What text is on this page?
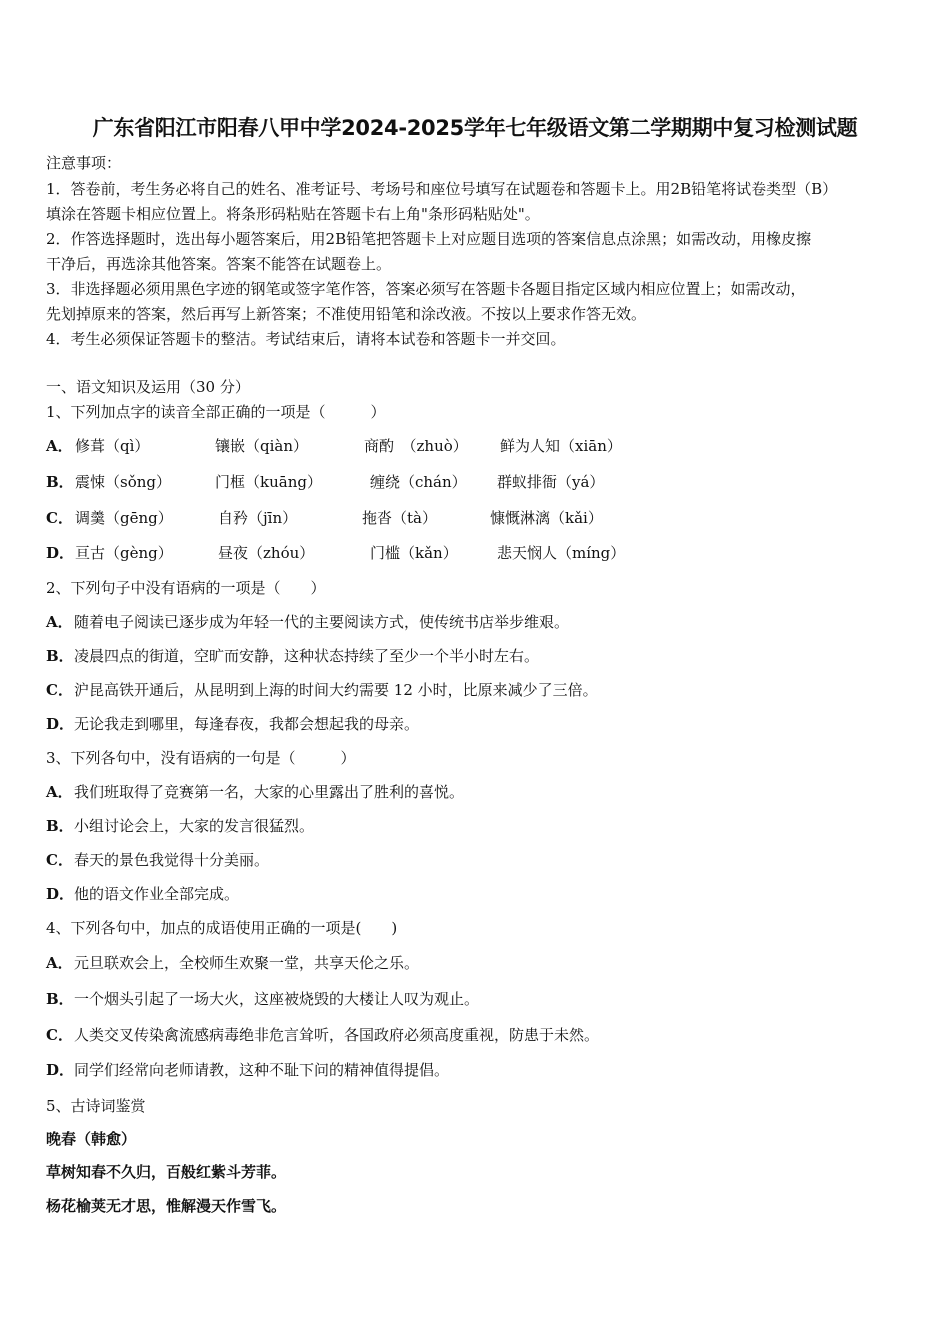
广东省阳江市阳春八甲中学2024-2025学年七年级语文第二学期期中复习检测试题
注意事项：
1．答卷前，考生务必将自己的姓名、准考证号、考场号和座位号填写在试题卷和答题卡上。用2B铅笔将试卷类型（B）
填涂在答题卡相应位置上。将条形码粘贴在答题卡右上角"条形码粘贴处"。
2．作答选择题时，选出每小题答案后，用2B铅笔把答题卡上对应题目选项的答案信息点涂黑；如需改动，用橡皮擦
干净后，再选涂其他答案。答案不能答在试题卷上。
3．非选择题必须用黑色字迹的钢笔或签字笔作答，答案必须写在答题卡各题目指定区域内相应位置上；如需改动，
先划掉原来的答案，然后再写上新答案；不准使用铅笔和涂改液。不按以上要求作答无效。
4．考生必须保证答题卡的整洁。考试结束后，请将本试卷和答题卡一并交回。
一、语文知识及运用（30 分）
1、下列加点字的读音全部正确的一项是（　　　）
A． 修葺（qì）	镶嵌（qiàn）	商酌　（zhuò） 鲜为人知（xiān）
B． 震悚（sǒng）	门框（kuāng）	缠绕（chán） 群蚁排衙（yá）
C． 调羹（gēng）	自矜（jīn）	拖沓（tà）	慷慨淋漓（kǎi）
D． 亘古（gèng）	昼夜（zhóu）	门槛（kǎn）	悲天悯人（míng）
2、下列句子中没有语病的一项是（　　）
A．随着电子阅读已逐步成为年轻一代的主要阅读方式，使传统书店举步维艰。
B．凌晨四点的街道，空旷而安静，这种状态持续了至少一个半小时左右。
C．沪昆高铁开通后，从昆明到上海的时间大约需要 12 小时，比原来减少了三倍。
D．无论我走到哪里，每逢春夜，我都会想起我的母亲。
3、下列各句中，没有语病的一句是（　　　）
A．我们班取得了竞赛第一名，大家的心里露出了胜利的喜悦。
B．小组讨论会上，大家的发言很猛烈。
C．春天的景色我觉得十分美丽。
D．他的语文作业全部完成。
4、下列各句中，加点的成语使用正确的一项是(　　)
A．元旦联欢会上，全校师生欢聚一堂，共享天伦之乐。
B．一个烟头引起了一场大火，这座被烧毁的大楼让人叹为观止。
C．人类交叉传染禽流感病毒绝非危言耸听，各国政府必须高度重视，防患于未然。
D．同学们经常向老师请教，这种不耻下问的精神值得提倡。
5、古诗词鉴赏
晚春（韩愈）
草树知春不久归，百般红紫斗芳菲。
杨花榆荚无才思，惟解漫天作雪飞。
